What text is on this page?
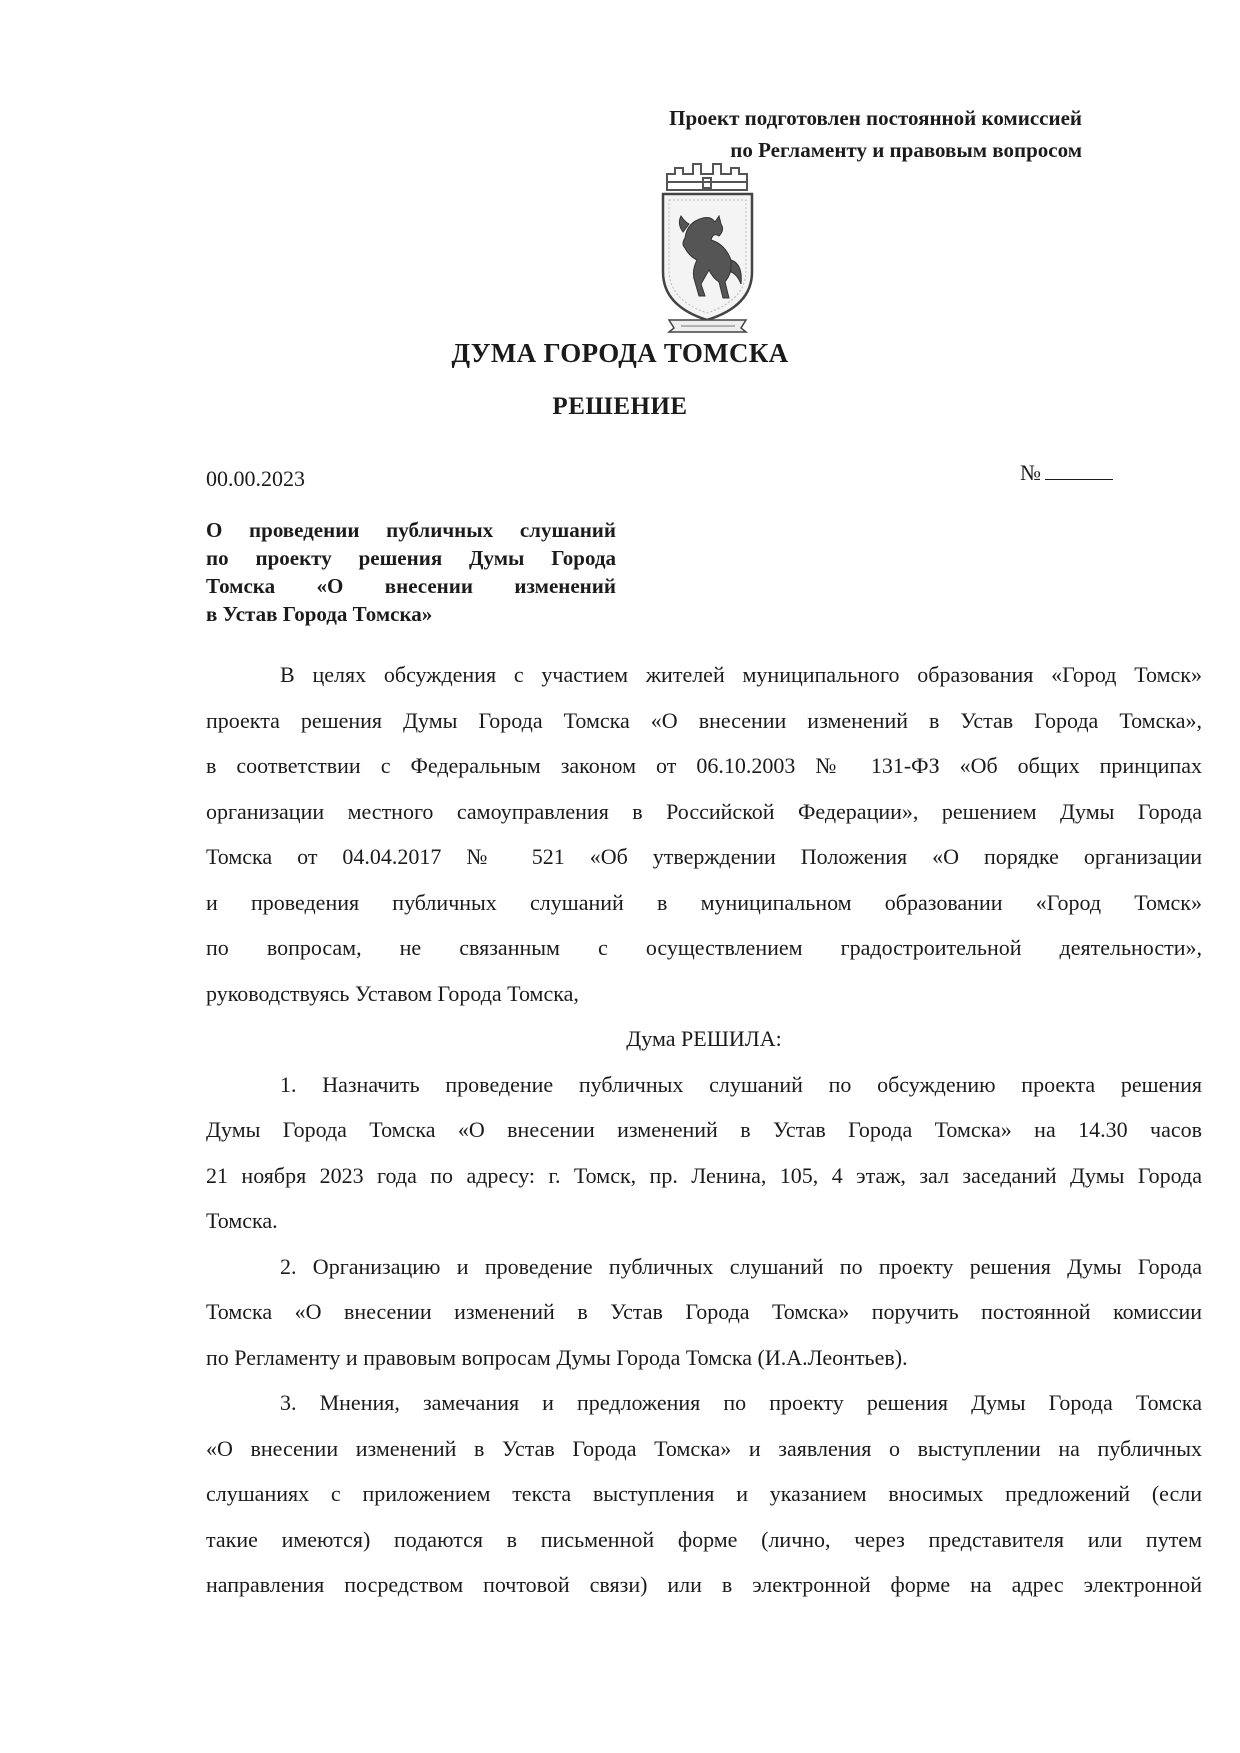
Проект подготовлен постоянной комиссией
по Регламенту и правовым вопросом
ДУМА ГОРОДА ТОМСКА
РЕШЕНИЕ
00.00.2023	№
О проведении публичных слушаний
по проекту решения Думы Города
Томска «О внесении изменений
в Устав Города Томска»
В целях обсуждения с участием жителей муниципального образования «Город Томск»
проекта решения Думы Города Томска «О внесении изменений в Устав Города Томска»,
в соответствии с Федеральным законом от 06.10.2003 № 131-ФЗ «Об общих принципах
организации местного самоуправления в Российской Федерации», решением Думы Города
Томска от 04.04.2017 № 521 «Об утверждении Положения «О порядке организации
и проведения публичных слушаний в муниципальном образовании «Город Томск»
по вопросам, не связанным с осуществлением градостроительной деятельности»,
руководствуясь Уставом Города Томска,
Дума РЕШИЛА:
1. Назначить проведение публичных слушаний по обсуждению проекта решения
Думы Города Томска «О внесении изменений в Устав Города Томска» на 14.30 часов
21 ноября 2023 года по адресу: г. Томск, пр. Ленина, 105, 4 этаж, зал заседаний Думы Города
Томска.
2. Организацию и проведение публичных слушаний по проекту решения Думы Города
Томска «О внесении изменений в Устав Города Томска» поручить постоянной комиссии
по Регламенту и правовым вопросам Думы Города Томска (И.А.Леонтьев).
3. Мнения, замечания и предложения по проекту решения Думы Города Томска
«О внесении изменений в Устав Города Томска» и заявления о выступлении на публичных
слушаниях с приложением текста выступления и указанием вносимых предложений (если
такие имеются) подаются в письменной форме (лично, через представителя или путем
направления посредством почтовой связи) или в электронной форме на адрес электронной
